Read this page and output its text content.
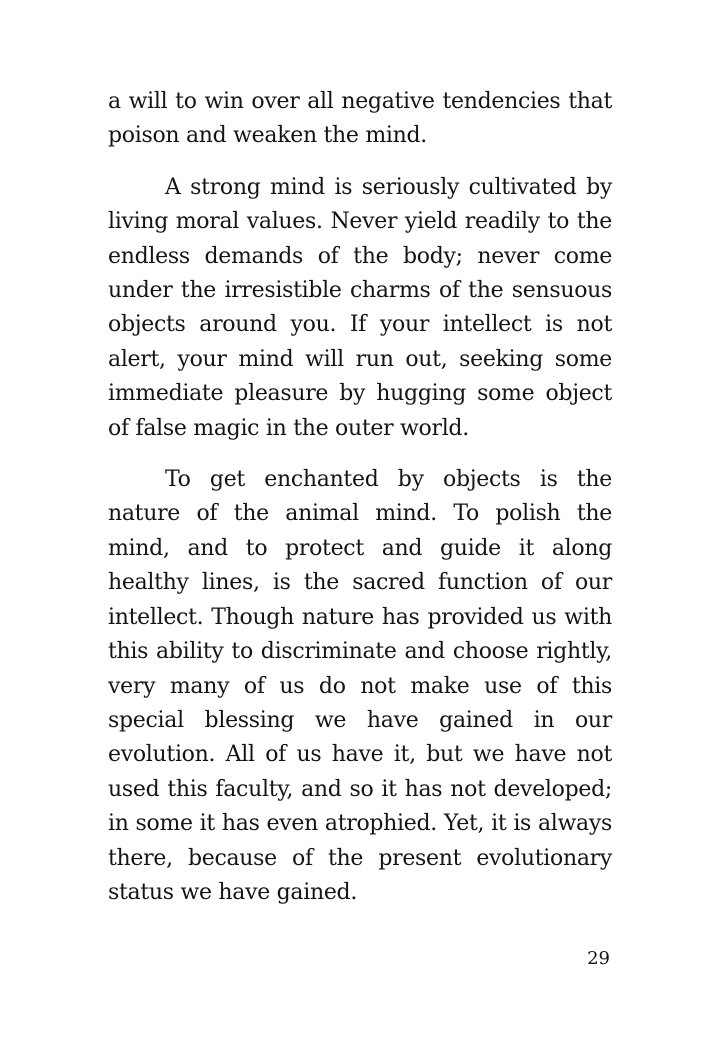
a will to win over all negative tendencies that poison and weaken the mind.

A strong mind is seriously cultivated by living moral values. Never yield readily to the endless demands of the body; never come under the irresistible charms of the sensuous objects around you. If your intellect is not alert, your mind will run out, seeking some immediate pleasure by hugging some object of false magic in the outer world.

To get enchanted by objects is the nature of the animal mind. To polish the mind, and to protect and guide it along healthy lines, is the sacred function of our intellect. Though nature has provided us with this ability to discriminate and choose rightly, very many of us do not make use of this special blessing we have gained in our evolution. All of us have it, but we have not used this faculty, and so it has not developed; in some it has even atrophied. Yet, it is always there, because of the present evolutionary status we have gained.

29
